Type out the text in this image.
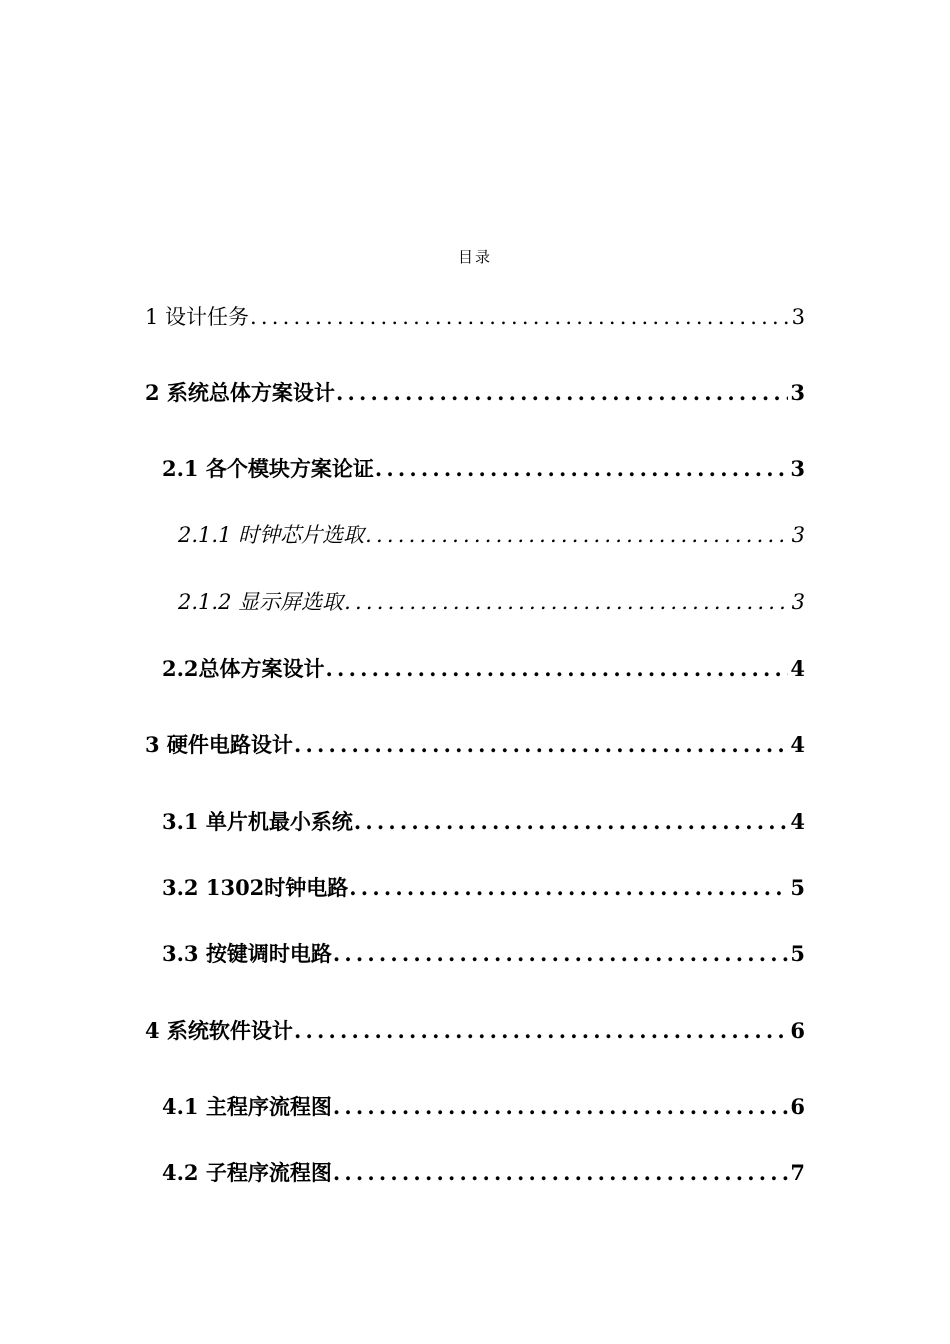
目录
1 设计任务 .....	3
2 系统总体方案设计 .....	3
2.1 各个模块方案论证 .....	3
2.1.1 时钟芯片选取 .....	3
2.1.2 显示屏选取 .....	3
2.2总体方案设计 .....	4
3 硬件电路设计 .....	4
3.1 单片机最小系统 .....	4
3.2 1302时钟电路 .....	5
3.3 按键调时电路 .....	5
4 系统软件设计 .....	6
4.1 主程序流程图 .....	6
4.2 子程序流程图 .....	7
